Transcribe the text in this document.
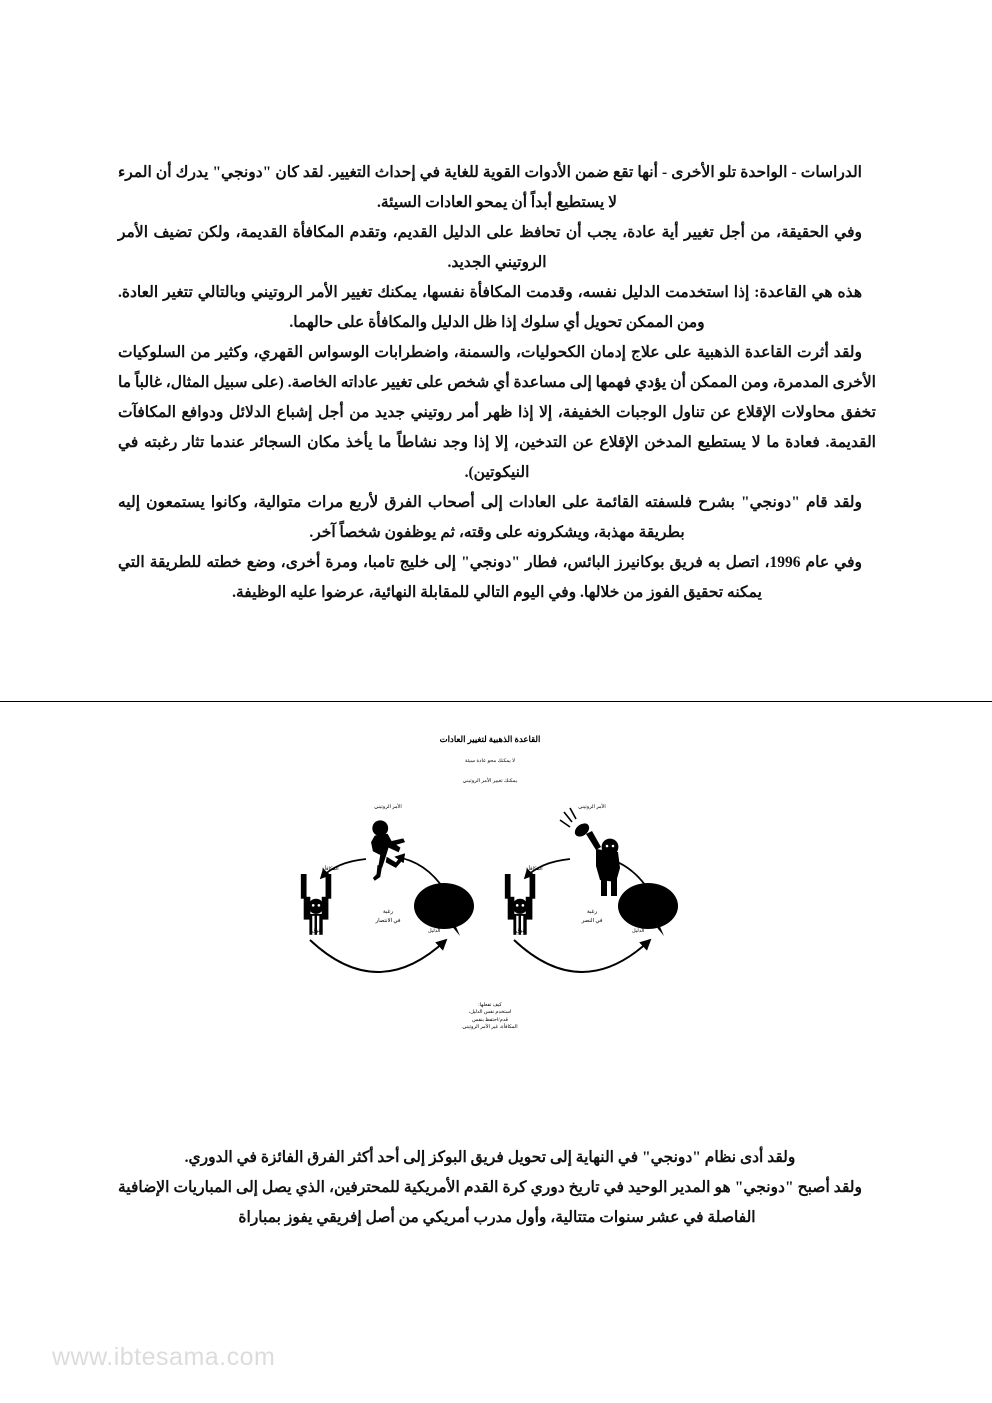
الدراسات - الواحدة تلو الأخرى - أنها تقع ضمن الأدوات القوية للغاية في إحداث التغيير. لقد كان "دونجي" يدرك أن المرء لا يستطيع أبداً أن يمحو العادات السيئة.

وفي الحقيقة، من أجل تغيير أية عادة، يجب أن تحافظ على الدليل القديم، وتقدم المكافأة القديمة، ولكن تضيف الأمر الروتيني الجديد.

هذه هي القاعدة: إذا استخدمت الدليل نفسه، وقدمت المكافأة نفسها، يمكنك تغيير الأمر الروتيني وبالتالي تتغير العادة. ومن الممكن تحويل أي سلوك إذا ظل الدليل والمكافأة على حالهما.

ولقد أثرت القاعدة الذهبية على علاج إدمان الكحوليات، والسمنة، واضطرابات الوسواس القهري، وكثير من السلوكيات الأخرى المدمرة، ومن الممكن أن يؤدي فهمها إلى مساعدة أي شخص على تغيير عاداته الخاصة. (على سبيل المثال، غالباً ما تخفق محاولات الإقلاع عن تناول الوجبات الخفيفة، إلا إذا ظهر أمر روتيني جديد من أجل إشباع الدلائل ودوافع المكافآت القديمة. فعادة ما لا يستطيع المدخن الإقلاع عن التدخين، إلا إذا وجد نشاطاً ما يأخذ مكان السجائر عندما تثار رغبته في النيكوتين).

ولقد قام "دونجي" بشرح فلسفته القائمة على العادات إلى أصحاب الفرق لأربع مرات متوالية، وكانوا يستمعون إليه بطريقة مهذبة، ويشكرونه على وقته، ثم يوظفون شخصاً آخر.

وفي عام 1996، اتصل به فريق بوكانيرز البائس، فطار "دونجي" إلى خليج تامبا، ومرة أخرى، وضع خطته للطريقة التي يمكنه تحقيق الفوز من خلالها. وفي اليوم التالي للمقابلة النهائية، عرضوا عليه الوظيفة.

القاعدة الذهبية لتغيير العادات
لا يمكنك محو عادة سيئة
يمكنك تغيير الأمر الروتيني
الأمر الروتيني
المكافأة
الدليل
التوق
رغبة
في الانتصار
الأمر الروتيني
المكافأة
الدليل
التوق
رغبة
في النصر
كيف تفعلها:
استخدم نفس الدليل،
قدم/احتفظ بنفس
المكافأة، غير الأمر الروتيني

ولقد أدى نظام "دونجي" في النهاية إلى تحويل فريق البوكز إلى أحد أكثر الفرق الفائزة في الدوري.

ولقد أصبح "دونجي" هو المدير الوحيد في تاريخ دوري كرة القدم الأمريكية للمحترفين، الذي يصل إلى المباريات الإضافية الفاصلة في عشر سنوات متتالية، وأول مدرب أمريكي من أصل إفريقي يفوز بمباراة

www.ibtesama.com
